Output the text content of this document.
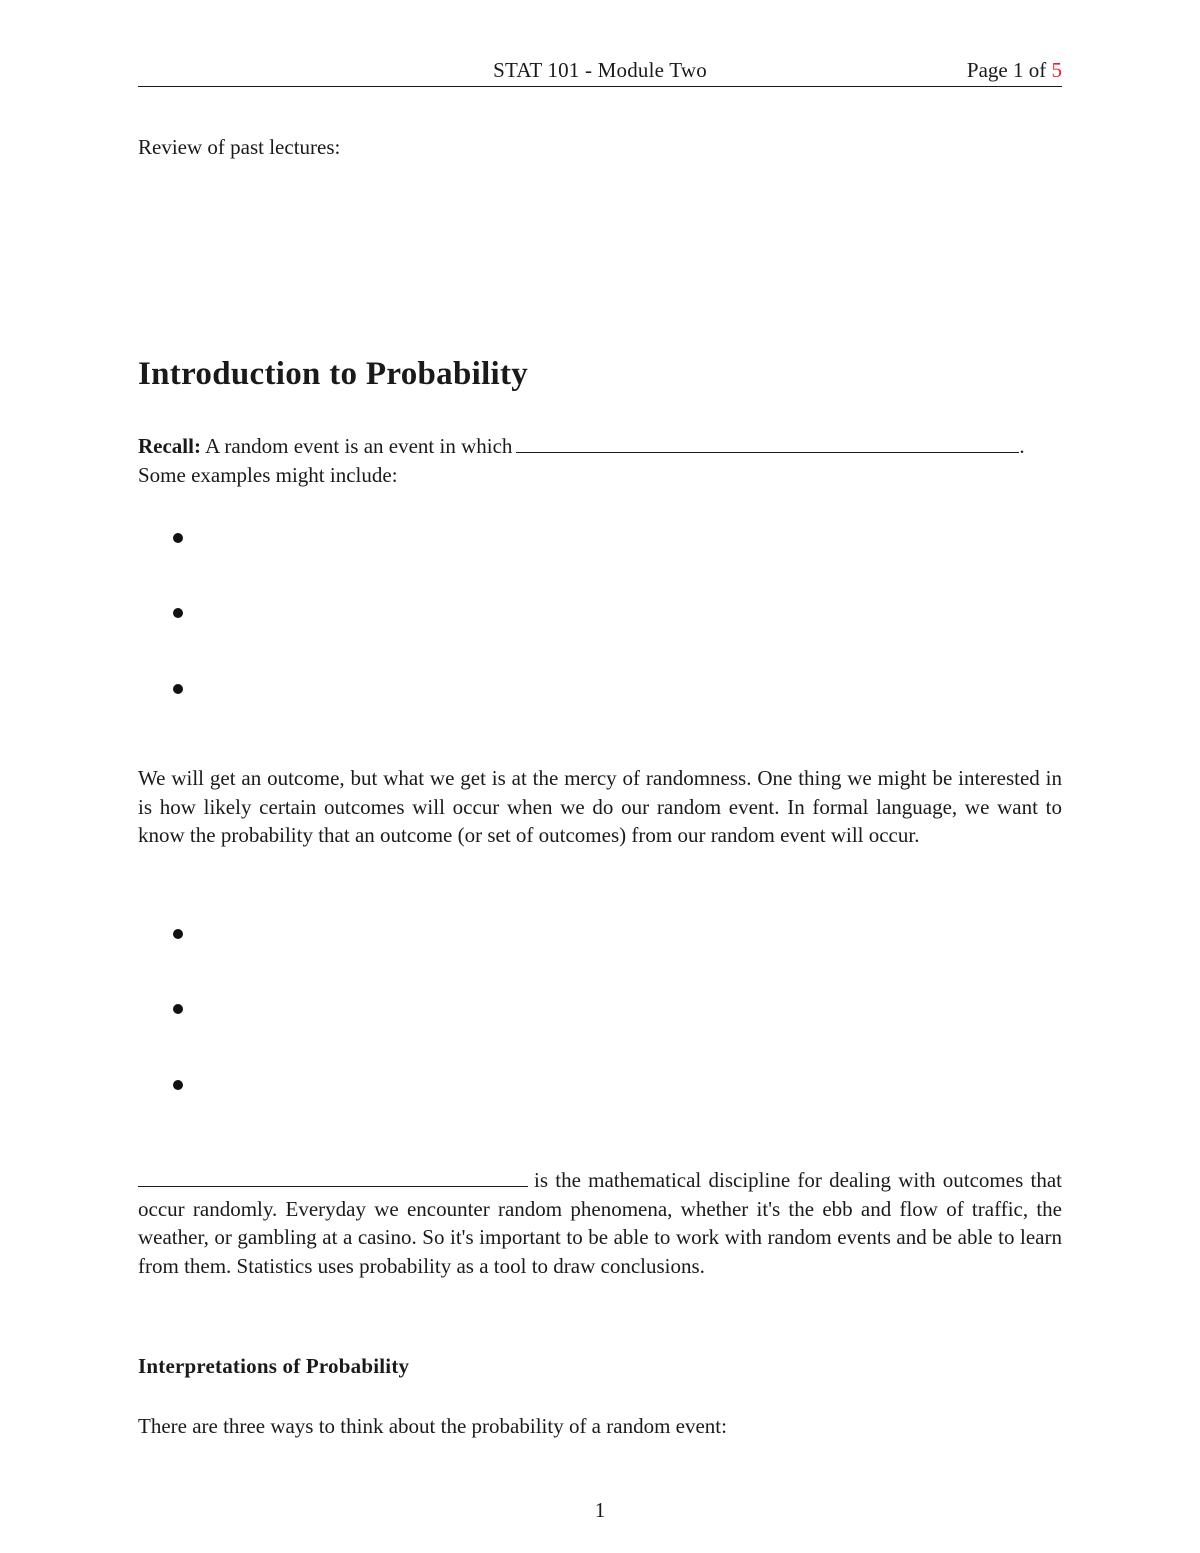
STAT 101 - Module Two	Page 1 of 5
Review of past lectures:
Introduction to Probability
Recall: A random event is an event in which	.
Some examples might include:
We will get an outcome, but what we get is at the mercy of randomness. One thing we might be interested in is how likely certain outcomes will occur when we do our random event. In formal language, we want to know the probability that an outcome (or set of outcomes) from our random event will occur.
is the mathematical discipline for dealing with outcomes that occur randomly. Everyday we encounter random phenomena, whether it's the ebb and flow of traffic, the weather, or gambling at a casino. So it's important to be able to work with random events and be able to learn from them. Statistics uses probability as a tool to draw conclusions.
Interpretations of Probability
There are three ways to think about the probability of a random event:
1
